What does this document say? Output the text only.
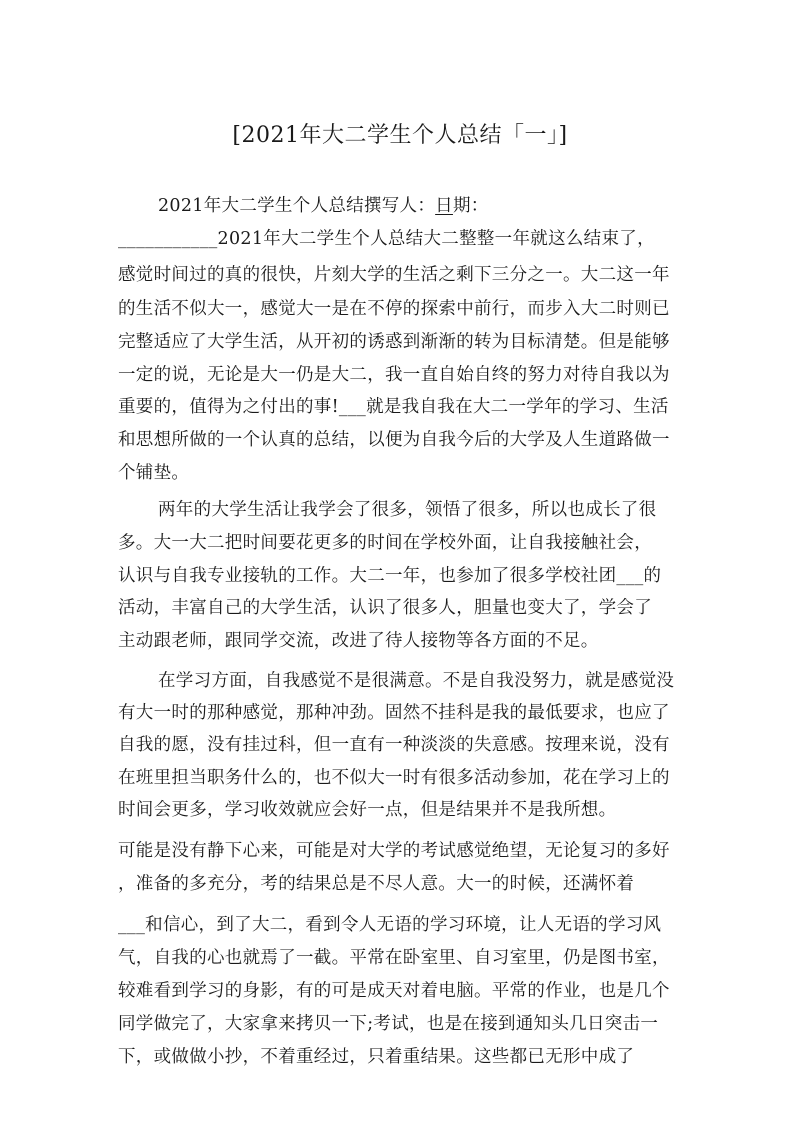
[2021年大二学生个人总结「一」]
2021年大二学生个人总结撰写人：日期：
___________2021年大二学生个人总结大二整整一年就这么结束了，
感觉时间过的真的很快，片刻大学的生活之剩下三分之一。大二这一年
的生活不似大一，感觉大一是在不停的探索中前行，而步入大二时则已
完整适应了大学生活，从开初的诱惑到渐渐的转为目标清楚。但是能够
一定的说，无论是大一仍是大二，我一直自始自终的努力对待自我以为
重要的，值得为之付出的事!___就是我自我在大二一学年的学习、生活
和思想所做的一个认真的总结，以便为自我今后的大学及人生道路做一
个铺垫。
两年的大学生活让我学会了很多，领悟了很多，所以也成长了很
多。大一大二把时间要花更多的时间在学校外面，让自我接触社会，
认识与自我专业接轨的工作。大二一年，也参加了很多学校社团___的
活动，丰富自己的大学生活，认识了很多人，胆量也变大了，学会了
主动跟老师，跟同学交流，改进了待人接物等各方面的不足。
在学习方面，自我感觉不是很满意。不是自我没努力，就是感觉没
有大一时的那种感觉，那种冲劲。固然不挂科是我的最低要求，也应了
自我的愿，没有挂过科，但一直有一种淡淡的失意感。按理来说，没有
在班里担当职务什么的，也不似大一时有很多活动参加，花在学习上的
时间会更多，学习收效就应会好一点，但是结果并不是我所想。
可能是没有静下心来，可能是对大学的考试感觉绝望，无论复习的多好
，准备的多充分，考的结果总是不尽人意。大一的时候，还满怀着
___和信心，到了大二，看到令人无语的学习环境，让人无语的学习风
气，自我的心也就焉了一截。平常在卧室里、自习室里，仍是图书室，
较难看到学习的身影，有的可是成天对着电脑。平常的作业，也是几个
同学做完了，大家拿来拷贝一下;考试，也是在接到通知头几日突击一
下，或做做小抄，不着重经过，只着重结果。这些都已无形中成了
